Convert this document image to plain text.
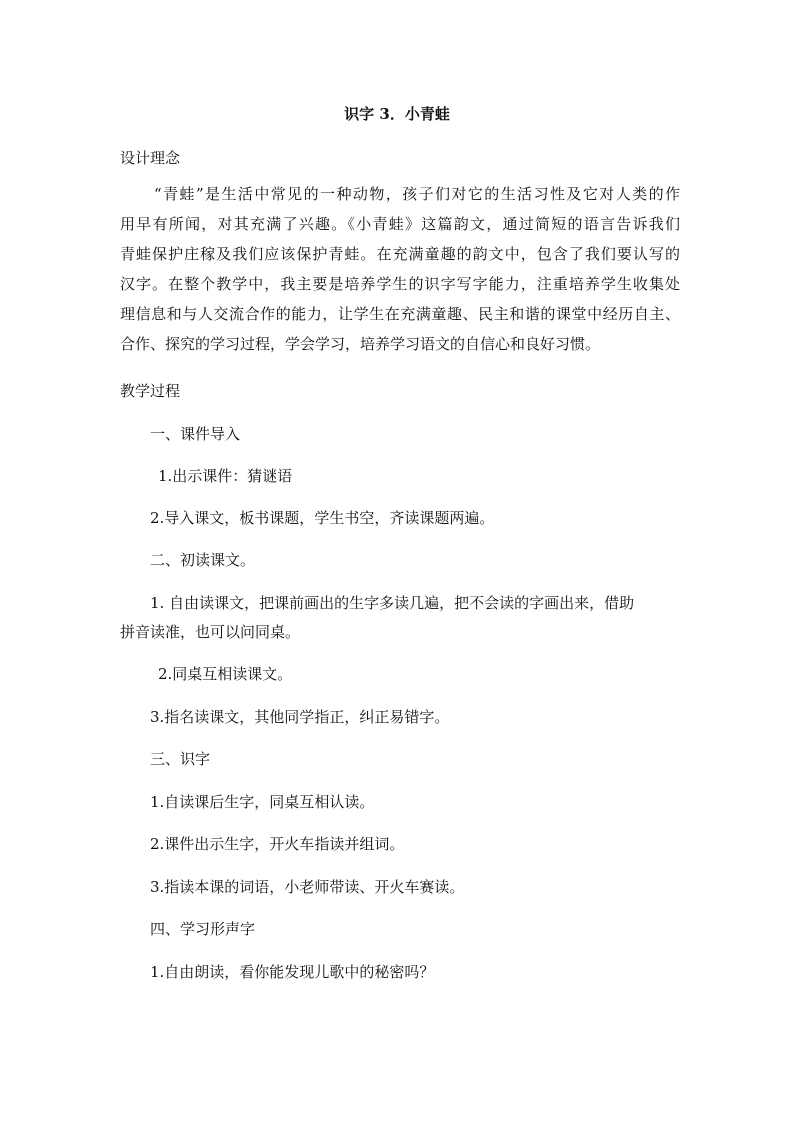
识字 3．小青蛙
设计理念
“青蛙”是生活中常见的一种动物，孩子们对它的生活习性及它对人类的作
用早有所闻，对其充满了兴趣。《小青蛙》这篇韵文，通过简短的语言告诉我们
青蛙保护庄稼及我们应该保护青蛙。在充满童趣的韵文中，包含了我们要认写的
汉字。在整个教学中，我主要是培养学生的识字写字能力，注重培养学生收集处
理信息和与人交流合作的能力，让学生在充满童趣、民主和谐的课堂中经历自主、
合作、探究的学习过程，学会学习，培养学习语文的自信心和良好习惯。
教学过程
一、课件导入
1.出示课件：猜谜语
2.导入课文，板书课题，学生书空，齐读课题两遍。
二、初读课文。
1. 自由读课文，把课前画出的生字多读几遍，把不会读的字画出来，借助
拼音读准，也可以问同桌。
2.同桌互相读课文。
3.指名读课文，其他同学指正，纠正易错字。
三、识字
1.自读课后生字，同桌互相认读。
2.课件出示生字，开火车指读并组词。
3.指读本课的词语，小老师带读、开火车赛读。
四、学习形声字
1.自由朗读，看你能发现儿歌中的秘密吗？
